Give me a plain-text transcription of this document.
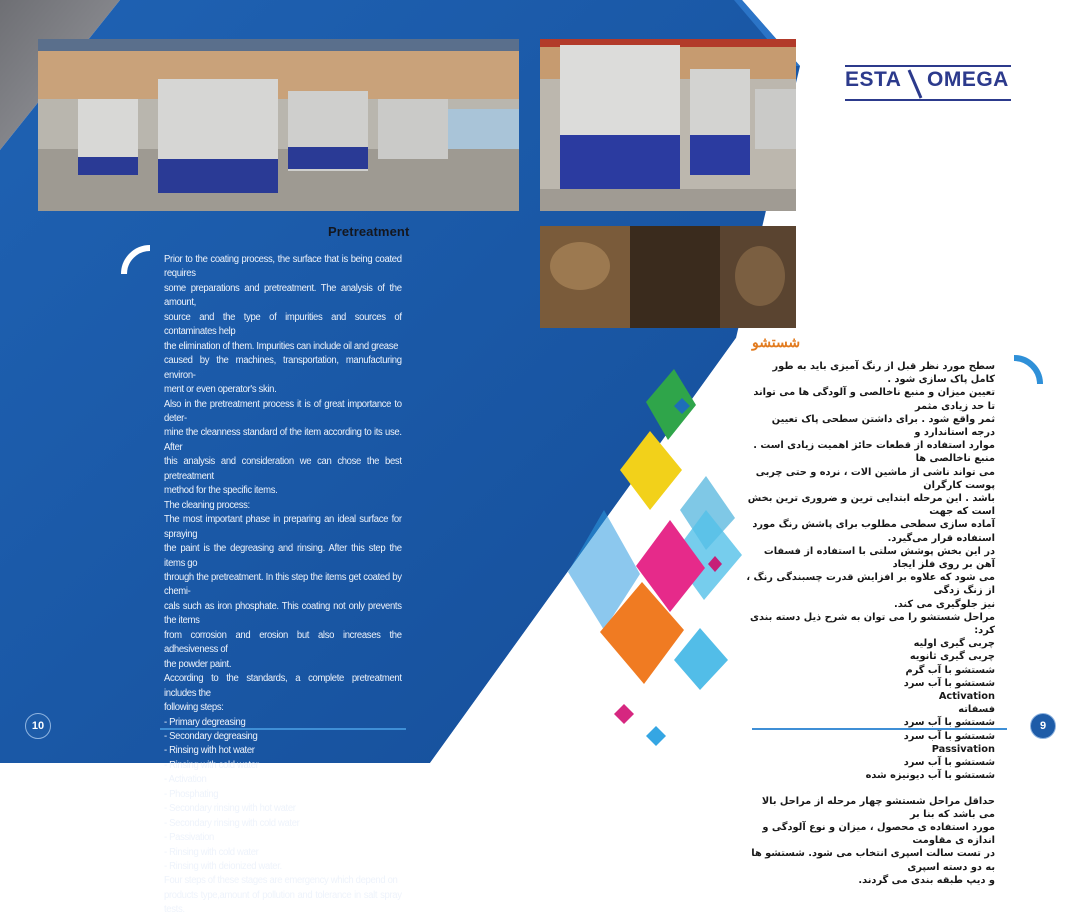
ESTA OMEGA
Pretreatment
Prior to the coating process, the surface that is being coated requires
some preparations and pretreatment. The analysis of the amount,
source and the type of impurities and sources of contaminates help
the elimination of them. Impurities can include oil and grease
caused by the machines, transportation, manufacturing environ-
ment or even operator's skin.
Also in the pretreatment process it is of great importance to deter-
mine the cleanness standard of the item according to its use. After
this analysis and consideration we can chose the best pretreatment
method for the specific items.
The cleaning process:
The most important phase in preparing an ideal surface for spraying
the paint is the degreasing and rinsing. After this step the items go
through the pretreatment. In this step the items get coated by chemi-
cals such as iron phosphate. This coating not only prevents the items
from corrosion and erosion but also increases the adhesiveness of
the powder paint.
According to the standards, a complete pretreatment includes the
following steps:
- Primary degreasing
- Secondary degreasing
- Rinsing with hot water
- Rinsing with cold water
- Activation
- Phosphating
- Secondary rinsing with hot water
- Secondary rinsing with cold water
- Passivation
- Rinsing with cold water
- Rinsing with deionized water.
Four steps of these stages are emergency which depend on
products type,amount of pollution and tolerance in salt spray tests.
10
شستشو
سطح مورد نظر قبل از رنگ آمیزی باید به طور کامل پاک سازی شود .
تعیین میزان و منبع ناخالصی و آلودگی ها می تواند تا حد زیادی مثمر
ثمر واقع شود . برای داشتن سطحی پاک تعیین درجه استاندارد و
موارد استفاده از قطعات حائز اهمیت زیادی است . منبع ناخالصی ها
می تواند ناشی از ماشین الات ، نرده و حتی چربی پوست کارگران
باشد . این مرحله ابتدایی ترین و ضروری ترین بخش است که جهت
آماده سازی سطحی مطلوب برای پاشش رنگ مورد استفاده قرار می‌گیرد.
در این بخش پوشش سلتی با استفاده از فسفات آهن بر روی فلز ایجاد
می شود که علاوه بر افزایش قدرت چسبندگی رنگ ، از زنگ زدگی
نیز جلوگیری می کند.
مراحل شستشو را می توان به شرح ذیل دسته بندی کرد:
چربی گیری اولیه
چربی گیری ثانویه
شستشو با آب گرم
شستشو با آب سرد
Activation
فسفاته
شستشو با آب سرد
شستشو با آب سرد
Passivation
شستشو با آب سرد
شستشو با آب دیونیزه شده
حداقل مراحل شستشو چهار مرحله از مراحل بالا می باشد که بنا بر
مورد استفاده ی محصول ، میزان و نوع آلودگی و اندازه ی مقاومت
در تست سالت اسپری انتخاب می شود. شستشو ها به دو دسته اسپری
و دیپ طبقه بندی می گردند.
9
